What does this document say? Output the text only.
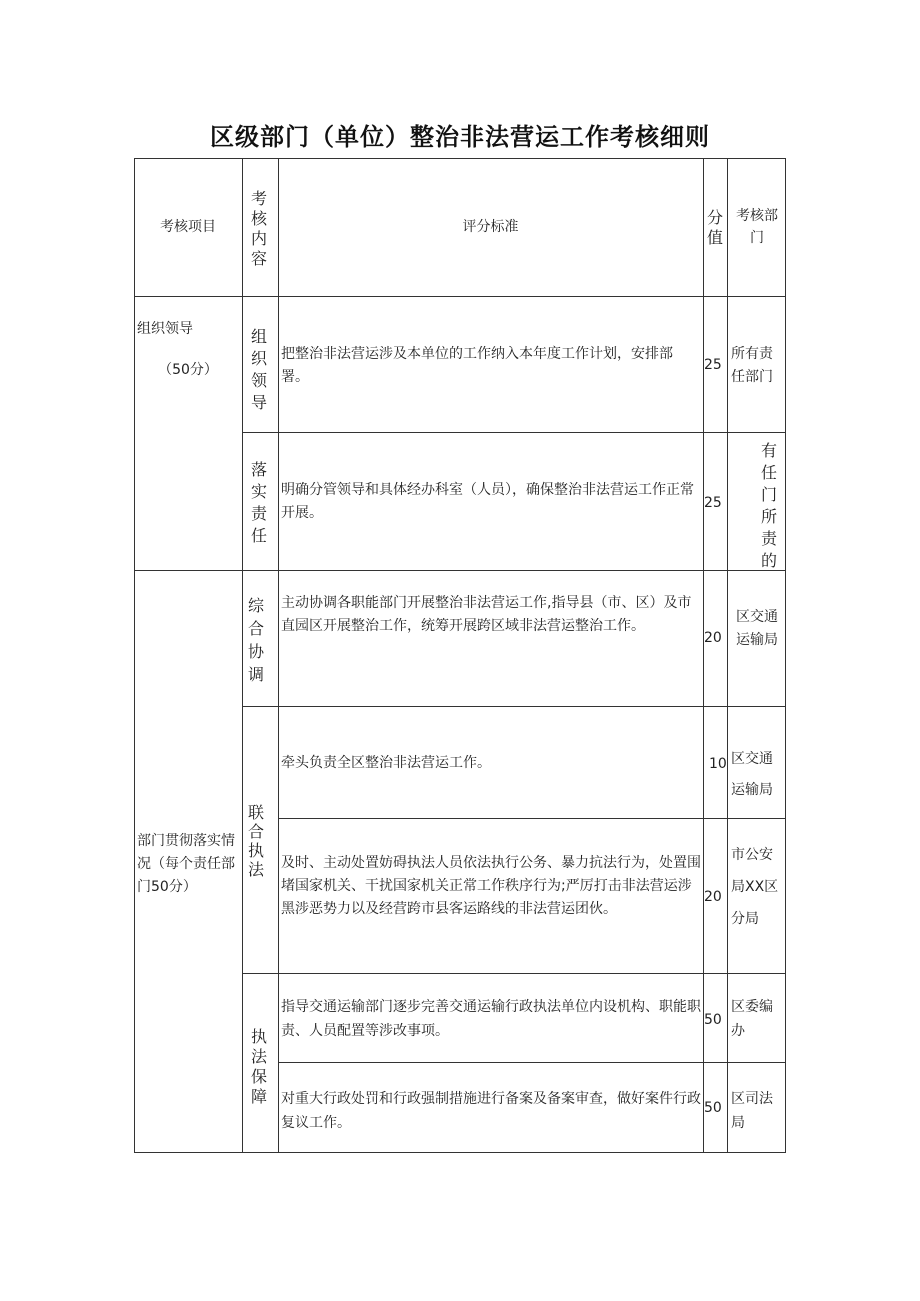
区级部门（单位）整治非法营运工作考核细则
考核项目
考核内容
评分标准	分值
考核部门
组织领导
（50分）
组织领导
把整治非法营运涉及本单位的工作纳入本年度工作计划，安排部署。
25
所有责任部门
落实责任
明确分管领导和具体经办科室（人员），确保整治非法营运工作正常开展。
25
有任门所责的
部门贯彻落实情况（每个责任部门50分）
综合协调
主动协调各职能部门开展整治非法营运工作,指导县（市、区）及市直园区开展整治工作，统筹开展跨区域非法营运整治工作。
20
区交通运输局
联合执法
牵头负责全区整治非法营运工作。	10 区交通运输局
及时、主动处置妨碍执法人员依法执行公务、暴力抗法行为，处置围堵国家机关、干扰国家机关正常工作秩序行为;严厉打击非法营运涉黑涉恶势力以及经营跨市县客运路线的非法营运团伙。
20
市公安局XX区分局
执法保障
指导交通运输部门逐步完善交通运输行政执法单位内设机构、职能职责、人员配置等涉改事项。
50
区委编办
对重大行政处罚和行政强制措施进行备案及备案审查，做好案件行政复议工作。
50
区司法局
